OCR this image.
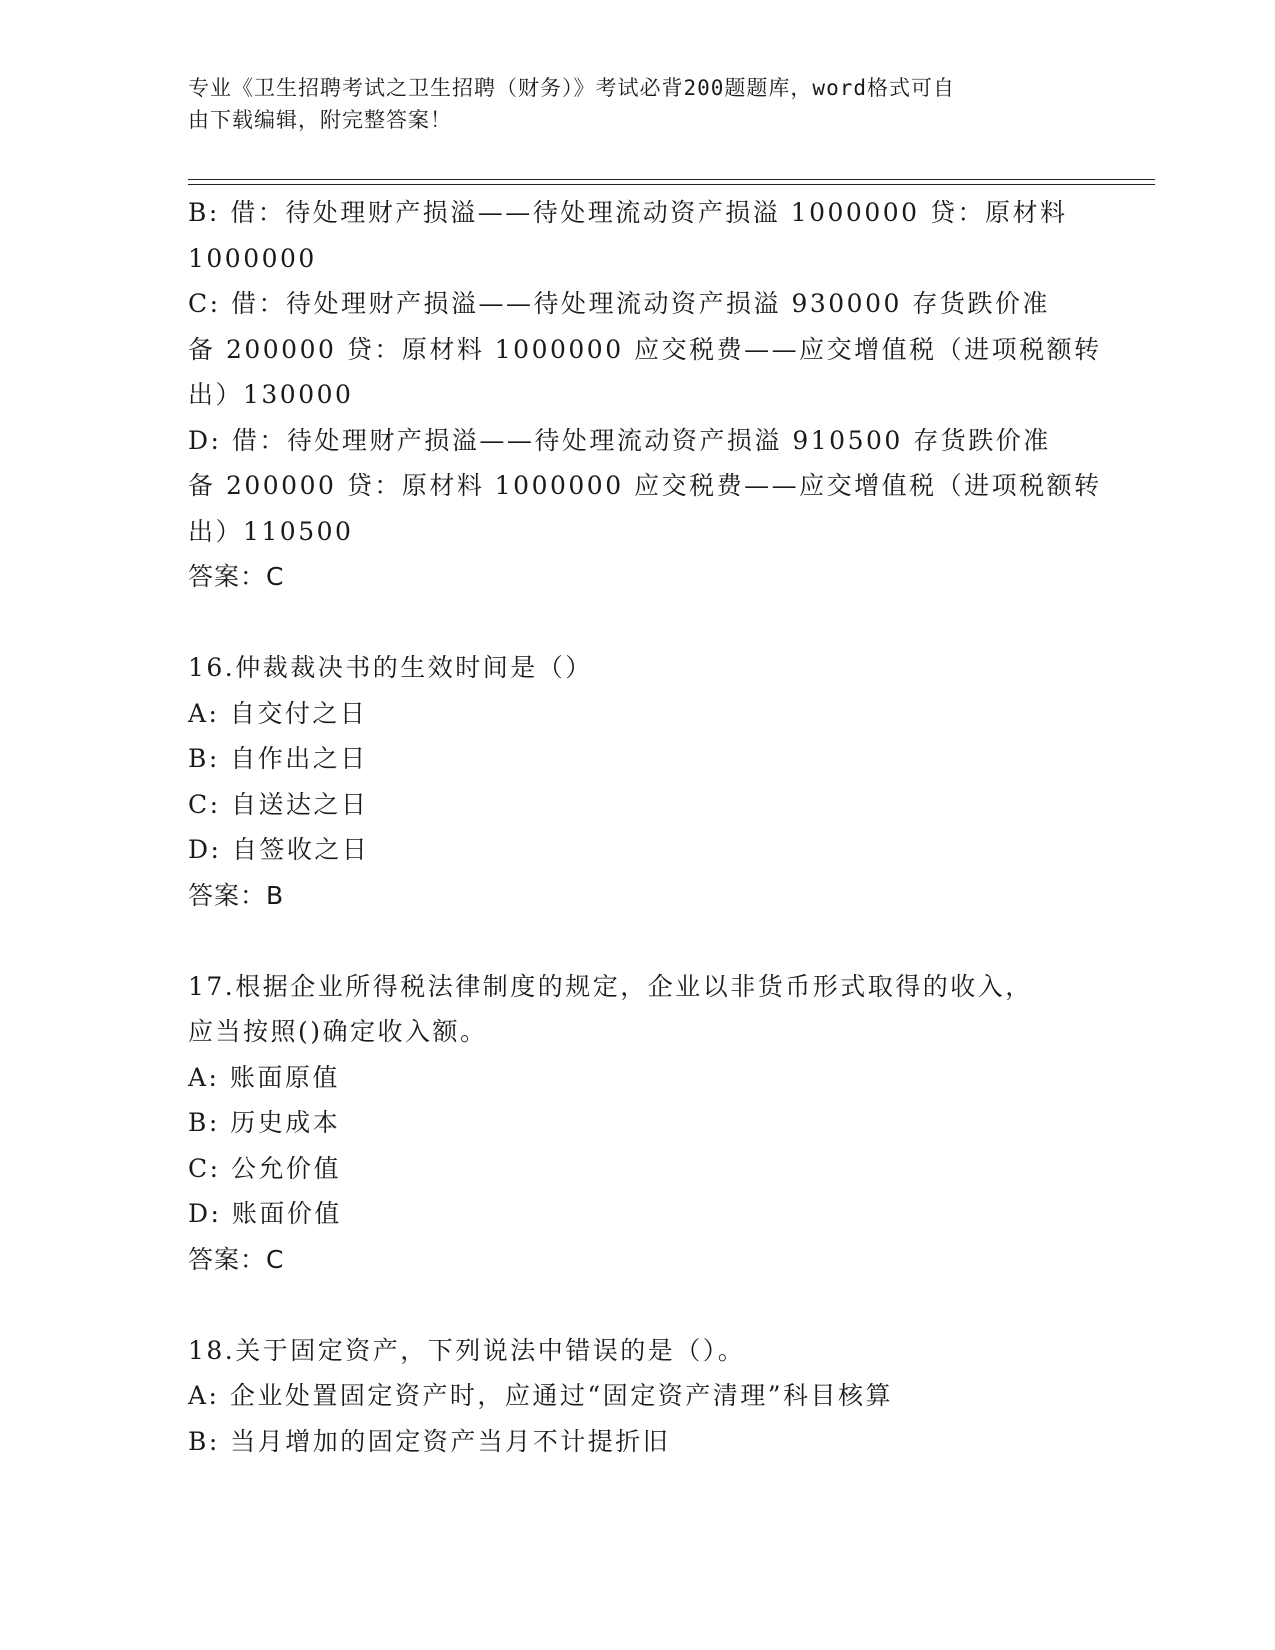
专业《卫生招聘考试之卫生招聘（财务）》考试必背200题题库，word格式可自
由下载编辑，附完整答案！
B: 借：待处理财产损溢——待处理流动资产损溢 1000000 贷：原材料
1000000
C: 借：待处理财产损溢——待处理流动资产损溢 930000 存货跌价准
备 200000 贷：原材料 1000000 应交税费——应交增值税（进项税额转
出）130000
D: 借：待处理财产损溢——待处理流动资产损溢 910500 存货跌价准
备 200000 贷：原材料 1000000 应交税费——应交增值税（进项税额转
出）110500
答案：C
16.仲裁裁决书的生效时间是（）
A: 自交付之日
B: 自作出之日
C: 自送达之日
D: 自签收之日
答案：B
17.根据企业所得税法律制度的规定，企业以非货币形式取得的收入，
应当按照()确定收入额。
A: 账面原值
B: 历史成本
C: 公允价值
D: 账面价值
答案：C
18.关于固定资产，下列说法中错误的是（）。
A: 企业处置固定资产时，应通过“固定资产清理”科目核算
B: 当月增加的固定资产当月不计提折旧
